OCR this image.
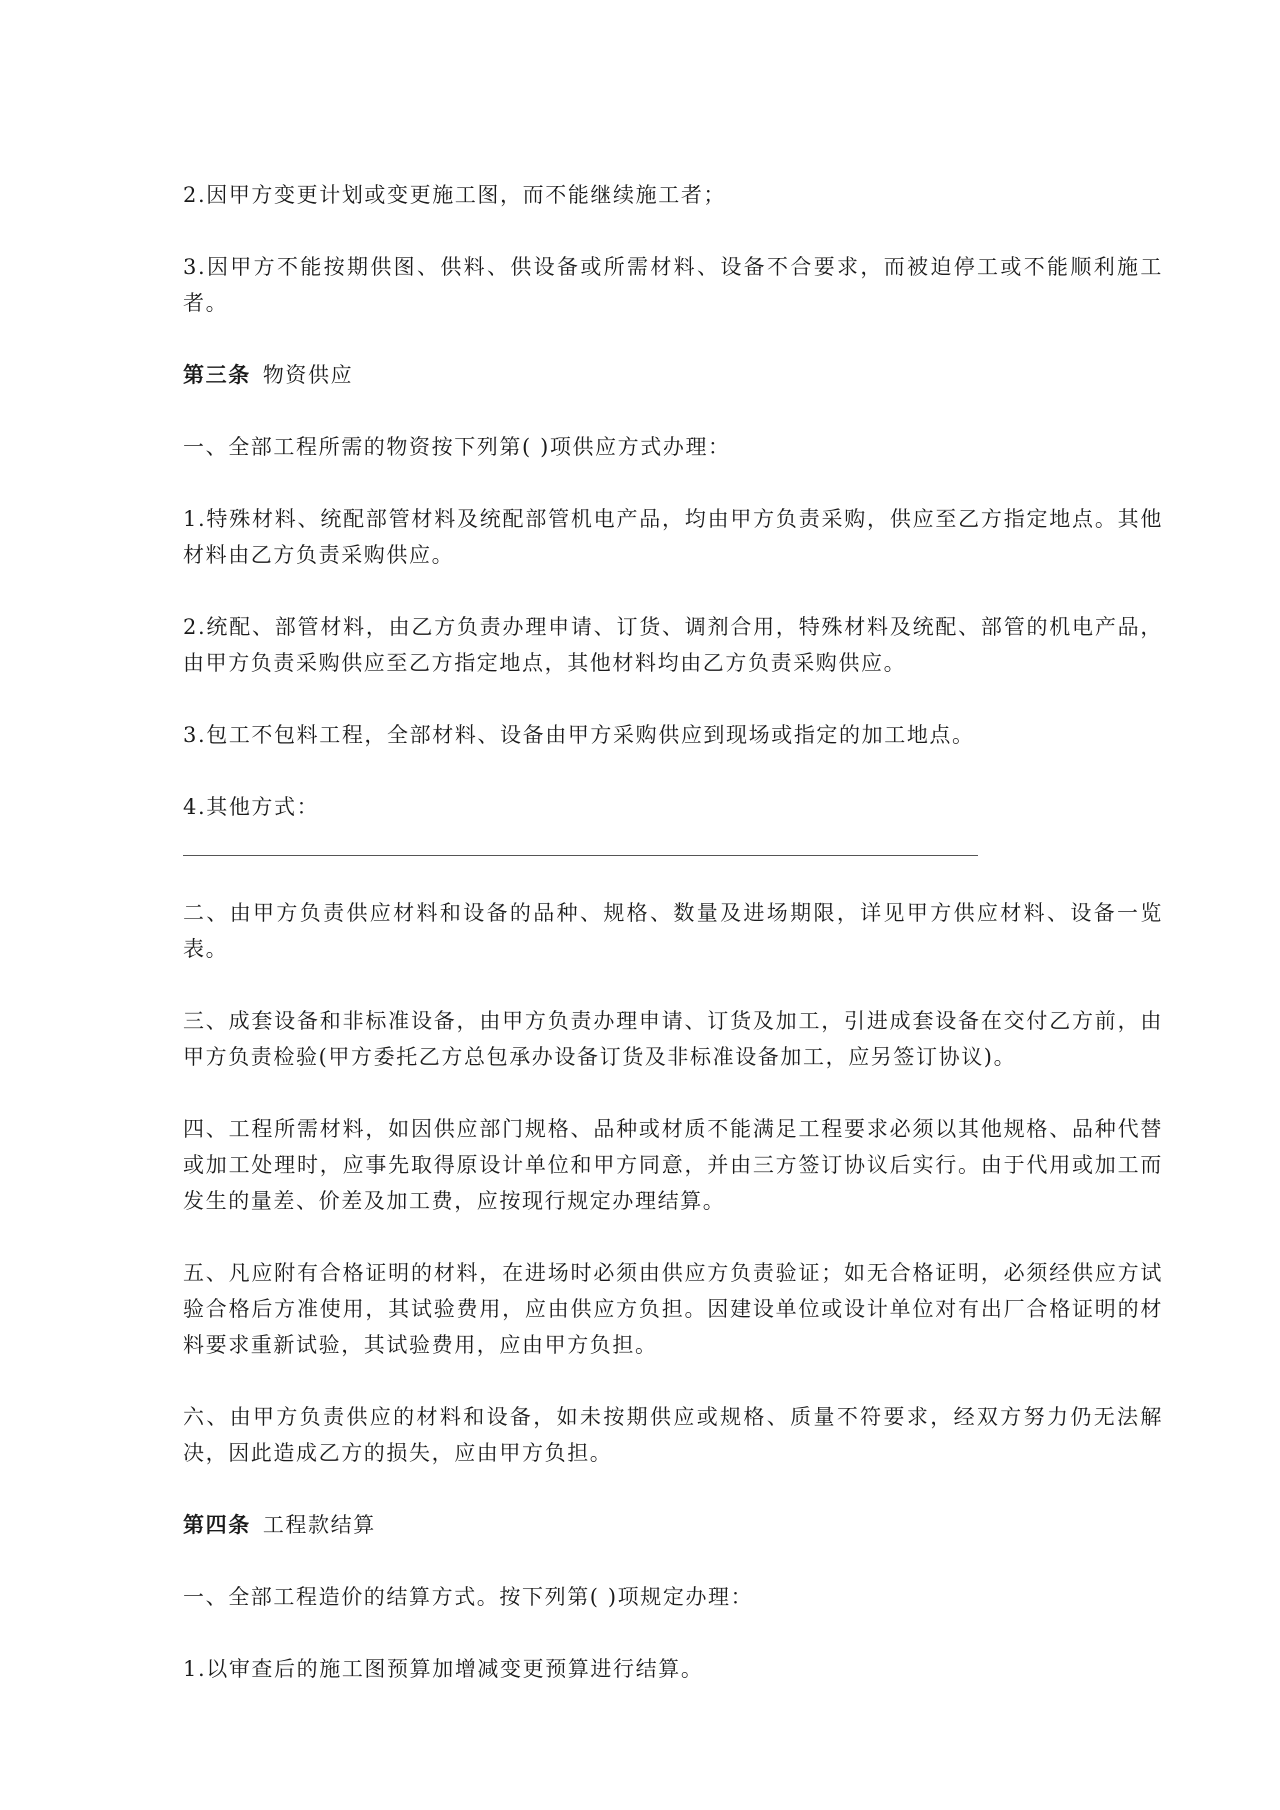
2.因甲方变更计划或变更施工图，而不能继续施工者；

3.因甲方不能按期供图、供料、供设备或所需材料、设备不合要求，而被迫停工或不能顺利施工者。

第三条 物资供应

一、全部工程所需的物资按下列第( )项供应方式办理：

1.特殊材料、统配部管材料及统配部管机电产品，均由甲方负责采购，供应至乙方指定地点。其他材料由乙方负责采购供应。

2.统配、部管材料，由乙方负责办理申请、订货、调剂合用，特殊材料及统配、部管的机电产品，由甲方负责采购供应至乙方指定地点，其他材料均由乙方负责采购供应。

3.包工不包料工程，全部材料、设备由甲方采购供应到现场或指定的加工地点。

4.其他方式：

二、由甲方负责供应材料和设备的品种、规格、数量及进场期限，详见甲方供应材料、设备一览表。

三、成套设备和非标准设备，由甲方负责办理申请、订货及加工，引进成套设备在交付乙方前，由甲方负责检验(甲方委托乙方总包承办设备订货及非标准设备加工，应另签订协议)。

四、工程所需材料，如因供应部门规格、品种或材质不能满足工程要求必须以其他规格、品种代替或加工处理时，应事先取得原设计单位和甲方同意，并由三方签订协议后实行。由于代用或加工而发生的量差、价差及加工费，应按现行规定办理结算。

五、凡应附有合格证明的材料，在进场时必须由供应方负责验证；如无合格证明，必须经供应方试验合格后方准使用，其试验费用，应由供应方负担。因建设单位或设计单位对有出厂合格证明的材料要求重新试验，其试验费用，应由甲方负担。

六、由甲方负责供应的材料和设备，如未按期供应或规格、质量不符要求，经双方努力仍无法解决，因此造成乙方的损失，应由甲方负担。

第四条 工程款结算

一、全部工程造价的结算方式。按下列第( )项规定办理：

1.以审查后的施工图预算加增减变更预算进行结算。
